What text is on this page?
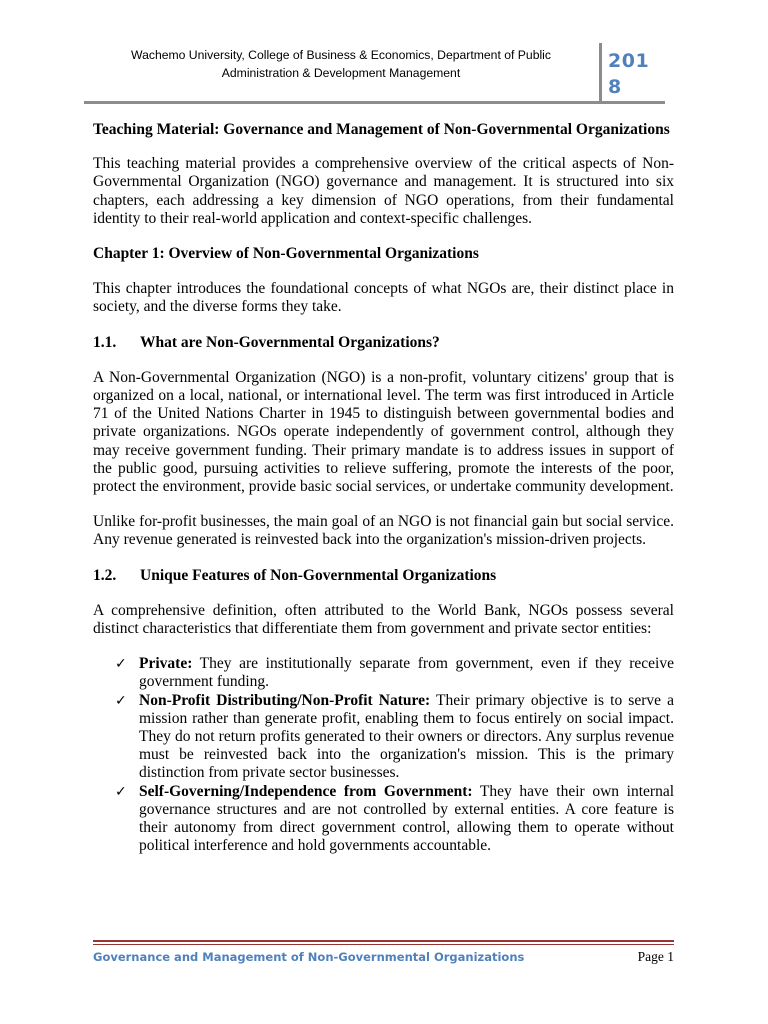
Wachemo University, College of Business & Economics, Department of Public
Administration & Development Management
201
8

Teaching Material: Governance and Management of Non-Governmental Organizations

This teaching material provides a comprehensive overview of the critical aspects of Non-Governmental Organization (NGO) governance and management. It is structured into six chapters, each addressing a key dimension of NGO operations, from their fundamental identity to their real-world application and context-specific challenges.

Chapter 1: Overview of Non-Governmental Organizations

This chapter introduces the foundational concepts of what NGOs are, their distinct place in society, and the diverse forms they take.

1.1. What are Non-Governmental Organizations?

A Non-Governmental Organization (NGO) is a non-profit, voluntary citizens' group that is organized on a local, national, or international level. The term was first introduced in Article 71 of the United Nations Charter in 1945 to distinguish between governmental bodies and private organizations. NGOs operate independently of government control, although they may receive government funding. Their primary mandate is to address issues in support of the public good, pursuing activities to relieve suffering, promote the interests of the poor, protect the environment, provide basic social services, or undertake community development.

Unlike for-profit businesses, the main goal of an NGO is not financial gain but social service. Any revenue generated is reinvested back into the organization's mission-driven projects.

1.2. Unique Features of Non-Governmental Organizations

A comprehensive definition, often attributed to the World Bank, NGOs possess several distinct characteristics that differentiate them from government and private sector entities:

✓ Private: They are institutionally separate from government, even if they receive government funding.
✓ Non-Profit Distributing/Non-Profit Nature: Their primary objective is to serve a mission rather than generate profit, enabling them to focus entirely on social impact. They do not return profits generated to their owners or directors. Any surplus revenue must be reinvested back into the organization's mission. This is the primary distinction from private sector businesses.
✓ Self-Governing/Independence from Government: They have their own internal governance structures and are not controlled by external entities. A core feature is their autonomy from direct government control, allowing them to operate without political interference and hold governments accountable.
Governance and Management of Non-Governmental Organizations	Page 1
